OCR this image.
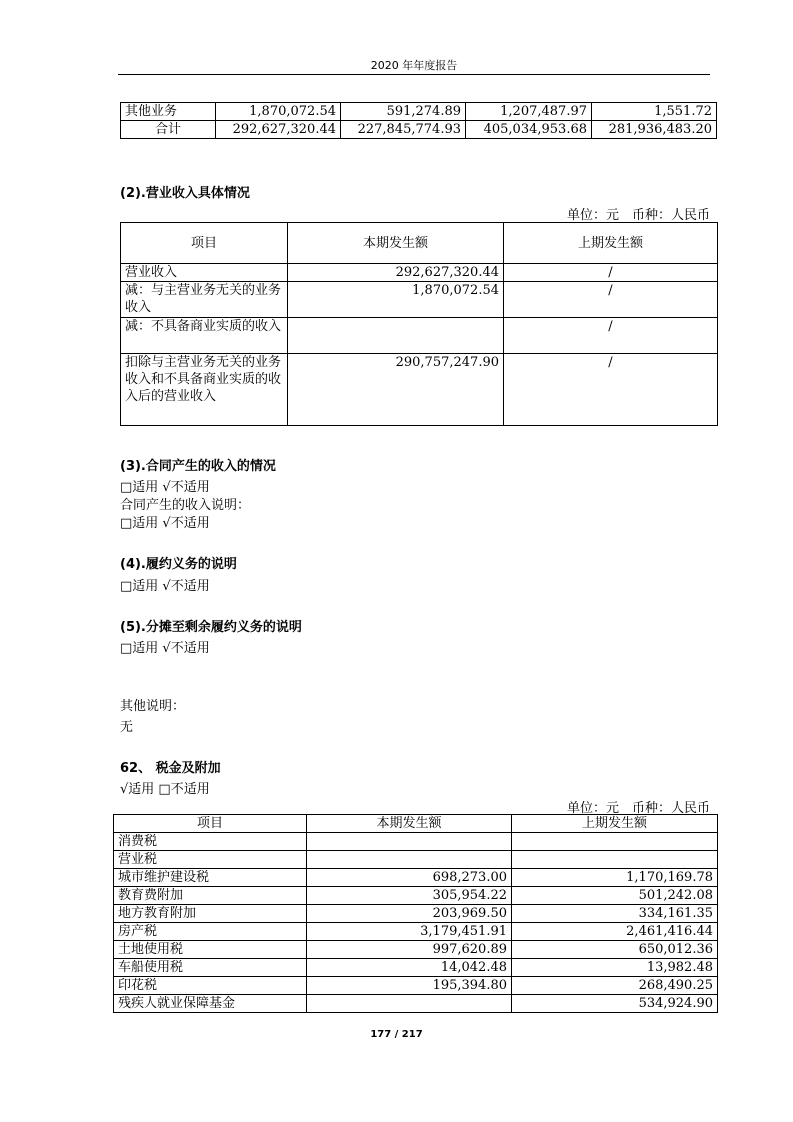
2020 年年度报告
其他业务	1,870,072.54	591,274.89	1,207,487.97	1,551.72
合计	292,627,320.44	227,845,774.93	405,034,953.68	281,936,483.20
(2).营业收入具体情况
单位：元　币种：人民币
项目	本期发生额	上期发生额
营业收入	292,627,320.44	/
减：与主营业务无关的业务收入	1,870,072.54	/
减：不具备商业实质的收入		/
扣除与主营业务无关的业务收入和不具备商业实质的收入后的营业收入	290,757,247.90	/
(3).合同产生的收入的情况
□适用 √不适用
合同产生的收入说明：
□适用 √不适用
(4).履约义务的说明
□适用 √不适用
(5).分摊至剩余履约义务的说明
□适用 √不适用
其他说明：
无
62、 税金及附加
√适用 □不适用
单位：元　币种：人民币
项目	本期发生额	上期发生额
消费税		
营业税		
城市维护建设税	698,273.00	1,170,169.78
教育费附加	305,954.22	501,242.08
地方教育附加	203,969.50	334,161.35
房产税	3,179,451.91	2,461,416.44
土地使用税	997,620.89	650,012.36
车船使用税	14,042.48	13,982.48
印花税	195,394.80	268,490.25
残疾人就业保障基金		534,924.90
177 / 217
